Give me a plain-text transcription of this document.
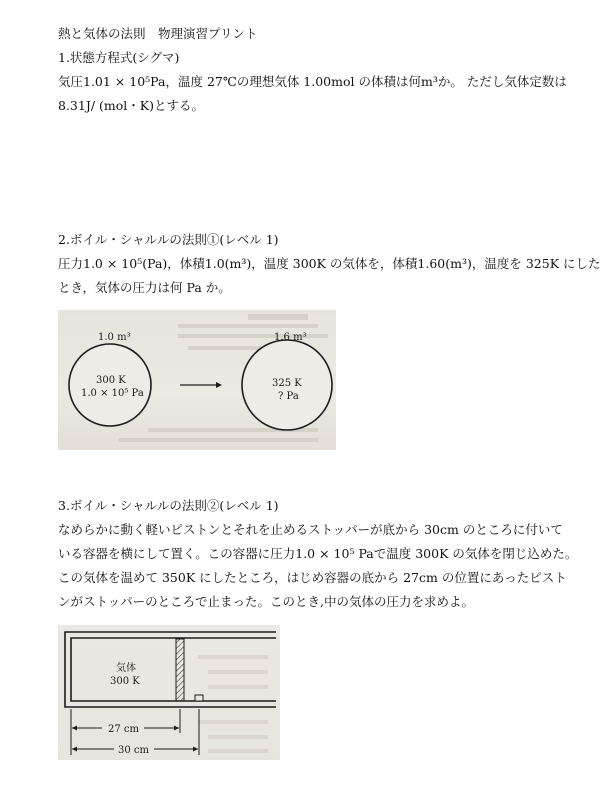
熱と気体の法則　物理演習プリント
1.状態方程式(シグマ)
気圧1.01 × 10⁵Pa，温度 27℃の理想気体 1.00mol の体積は何m³か。 ただし気体定数は
8.31J/ (mol・K)とする。
2.ボイル・シャルルの法則①(レベル 1)
圧力1.0 × 10⁵(Pa)，体積1.0(m³)，温度 300K の気体を，体積1.60(m³)，温度を 325K にした
とき，気体の圧力は何 Pa か。
1.0 m³
300 K
1.0 × 10⁵ Pa
1.6 m³
325 K
? Pa
3.ボイル・シャルルの法則②(レベル 1)
なめらかに動く軽いピストンとそれを止めるストッパーが底から 30cm のところに付いて
いる容器を横にして置く。この容器に圧力1.0 × 10⁵ Paで温度 300K の気体を閉じ込めた。
この気体を温めて 350K にしたところ，はじめ容器の底から 27cm の位置にあったピスト
ンがストッパーのところで止まった。このとき,中の気体の圧力を求めよ。
気体
300 K
27 cm
30 cm
